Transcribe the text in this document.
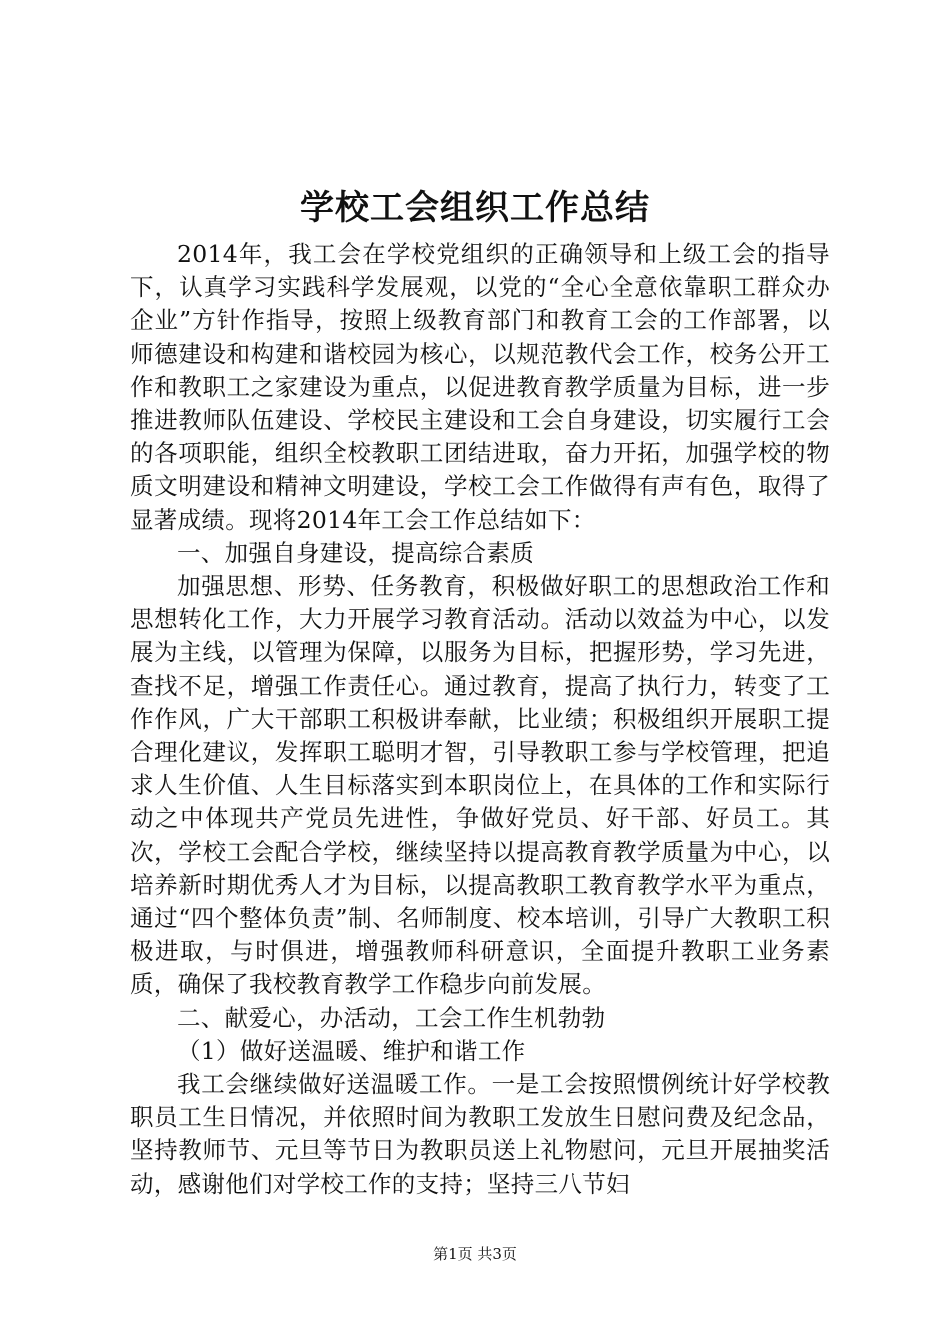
学校工会组织工作总结

2014年，我工会在学校党组织的正确领导和上级工会的指导下，认真学习实践科学发展观，以党的“全心全意依靠职工群众办企业”方针作指导，按照上级教育部门和教育工会的工作部署，以师德建设和构建和谐校园为核心，以规范教代会工作，校务公开工作和教职工之家建设为重点，以促进教育教学质量为目标，进一步推进教师队伍建设、学校民主建设和工会自身建设，切实履行工会的各项职能，组织全校教职工团结进取，奋力开拓，加强学校的物质文明建设和精神文明建设，学校工会工作做得有声有色，取得了显著成绩。现将2014年工会工作总结如下：

一、加强自身建设，提高综合素质

加强思想、形势、任务教育，积极做好职工的思想政治工作和思想转化工作，大力开展学习教育活动。活动以效益为中心，以发展为主线，以管理为保障，以服务为目标，把握形势，学习先进，查找不足，增强工作责任心。通过教育，提高了执行力，转变了工作作风，广大干部职工积极讲奉献，比业绩；积极组织开展职工提合理化建议，发挥职工聪明才智，引导教职工参与学校管理，把追求人生价值、人生目标落实到本职岗位上，在具体的工作和实际行动之中体现共产党员先进性，争做好党员、好干部、好员工。其次，学校工会配合学校，继续坚持以提高教育教学质量为中心，以培养新时期优秀人才为目标，以提高教职工教育教学水平为重点，通过“四个整体负责”制、名师制度、校本培训，引导广大教职工积极进取，与时俱进，增强教师科研意识，全面提升教职工业务素质，确保了我校教育教学工作稳步向前发展。

二、献爱心，办活动，工会工作生机勃勃

（1）做好送温暖、维护和谐工作

我工会继续做好送温暖工作。一是工会按照惯例统计好学校教职员工生日情况，并依照时间为教职工发放生日慰问费及纪念品，坚持教师节、元旦等节日为教职员送上礼物慰问，元旦开展抽奖活动，感谢他们对学校工作的支持；坚持三八节妇

第1页 共3页
